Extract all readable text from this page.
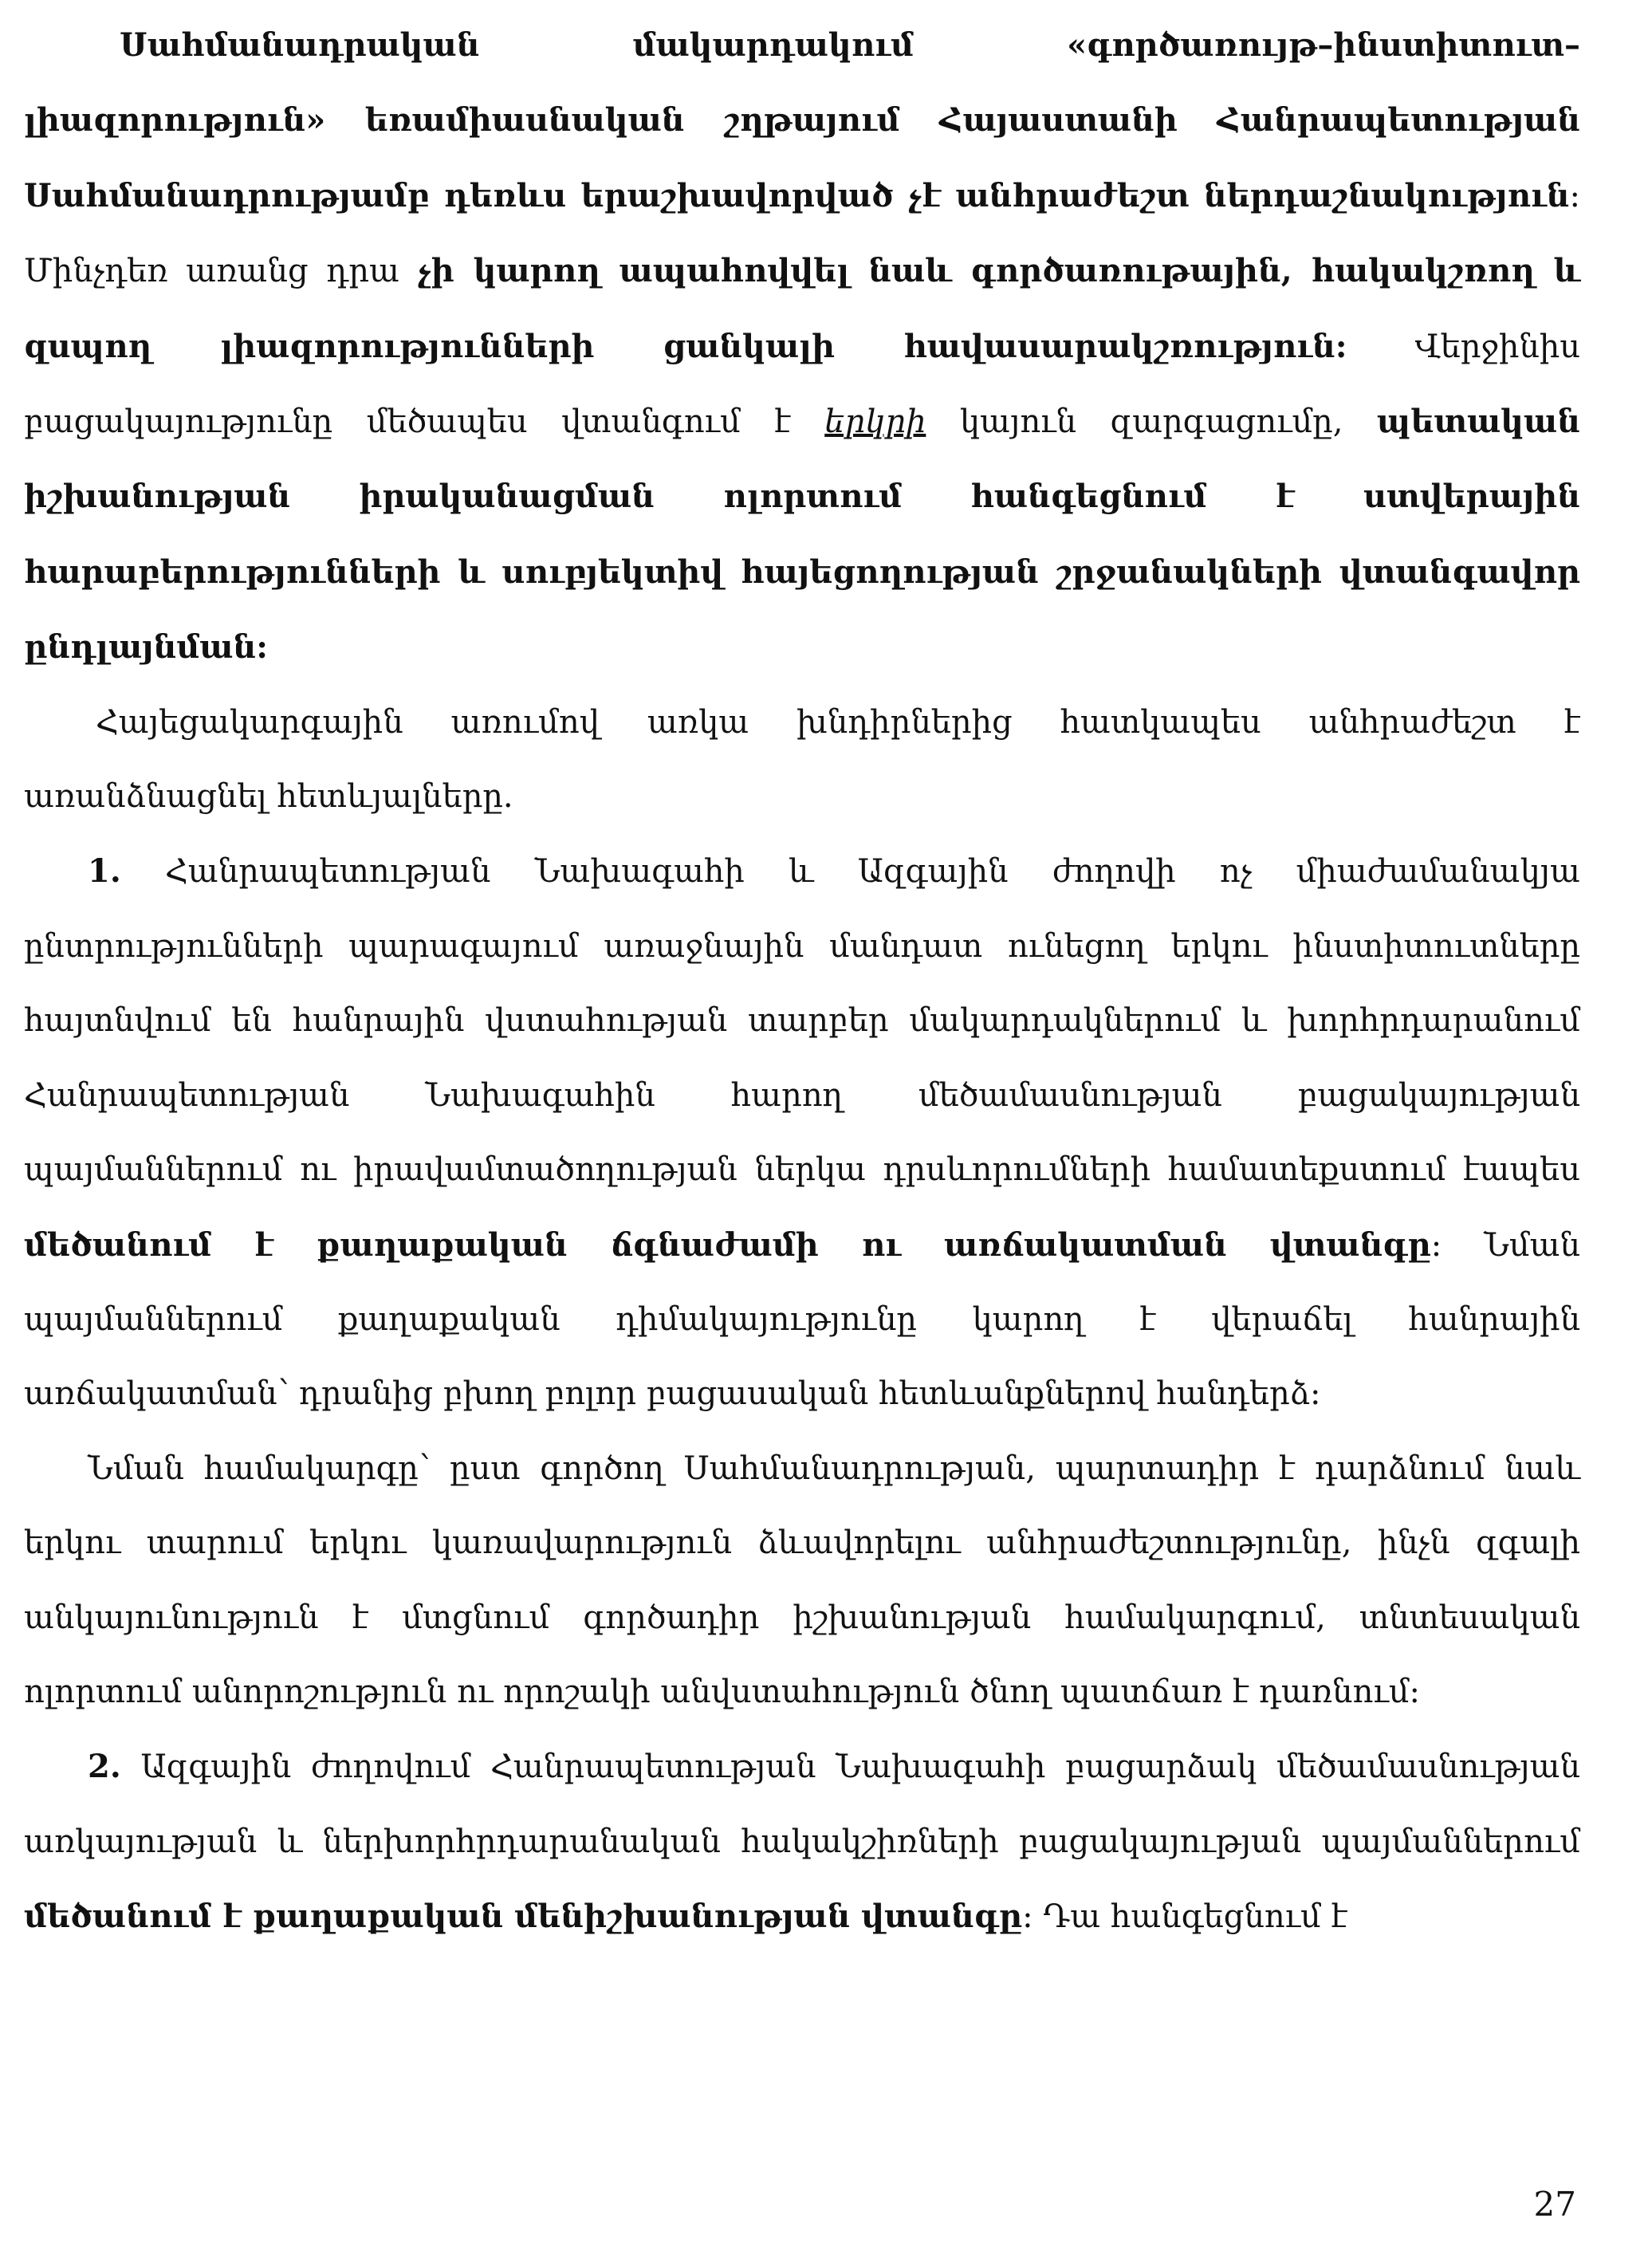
Սահմանադրական մակարդակում «գործառույթ–ինստիտուտ–լիազորություն» եռամիասնական շղթայում Հայաստանի Հանրապետության Սահմանադրությամբ դեռևս երաշխավորված չէ անհրաժեշտ ներդաշնակություն: Մինչդեռ առանց դրա չի կարող ապահովվել նաև գործառութային, հակակշռող և զսպող լիազորությունների ցանկալի հավասարակշռություն: Վերջինիս բացակայությունը մեծապես վտանգում է երկրի կայուն զարգացումը, պետական իշխանության իրականացման ոլորտում հանգեցնում է ստվերային հարաբերությունների և սուբյեկտիվ հայեցողության շրջանակների վտանգավոր ընդլայնման:

Հայեցակարգային առումով առկա խնդիրներից հատկապես անհրաժեշտ է առանձնացնել հետևյալները.

1. Հանրապետության Նախագահի և Ազգային ժողովի ոչ միաժամանակյա ընտրությունների պարագայում առաջնային մանդատ ունեցող երկու ինստիտուտները հայտնվում են հանրային վստահության տարբեր մակարդակներում և խորհրդարանում Հանրապետության Նախագահին հարող մեծամասնության բացակայության պայմաններում ու իրավամտածողության ներկա դրսևորումների համատեքստում էապես մեծանում է քաղաքական ճգնաժամի ու առճակատման վտանգը: Նման պայմաններում քաղաքական դիմակայությունը կարող է վերաճել հանրային առճակատման՝ դրանից բխող բոլոր բացասական հետևանքներով հանդերձ:

Նման համակարգը՝ ըստ գործող Սահմանադրության, պարտադիր է դարձնում նաև երկու տարում երկու կառավարություն ձևավորելու անհրաժեշտությունը, ինչն զգալի անկայունություն է մտցնում գործադիր իշխանության համակարգում, տնտեսական ոլորտում անորոշություն ու որոշակի անվստահություն ծնող պատճառ է դառնում:

2. Ազգային ժողովում Հանրապետության Նախագահի բացարձակ մեծամասնության առկայության և ներխորհրդարանական հակակշիռների բացակայության պայմաններում մեծանում է քաղաքական մենիշխանության վտանգը: Դա հանգեցնում է

27
